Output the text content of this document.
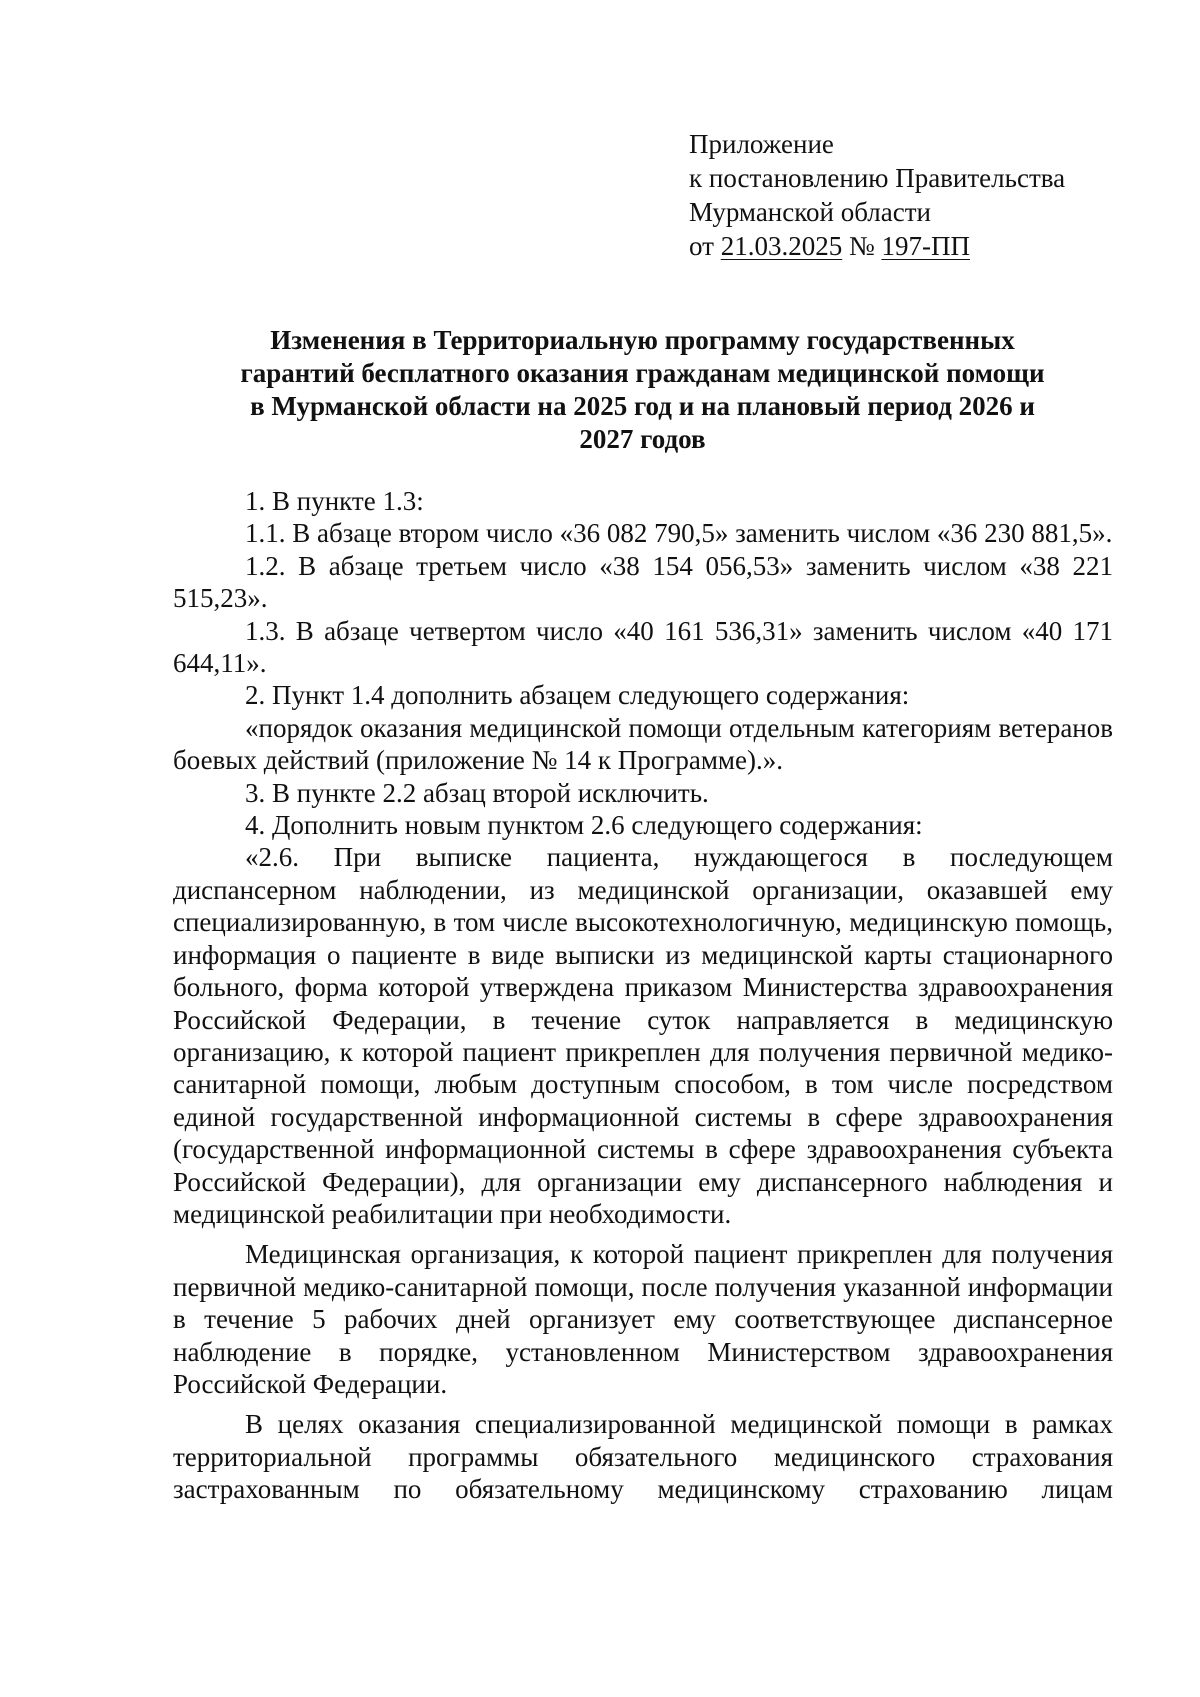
Приложение
к постановлению Правительства
Мурманской области
от 21.03.2025 № 197-ПП
Изменения в Территориальную программу государственных
гарантий бесплатного оказания гражданам медицинской помощи
в Мурманской области на 2025 год и на плановый период 2026 и
2027 годов

1. В пункте 1.3:

1.1. В абзаце втором число «36 082 790,5» заменить числом «36 230 881,5».

1.2. В абзаце третьем число «38 154 056,53» заменить числом «38 221 515,23».

1.3. В абзаце четвертом число «40 161 536,31» заменить числом «40 171 644,11».

2. Пункт 1.4 дополнить абзацем следующего содержания:

«порядок оказания медицинской помощи отдельным категориям ветеранов боевых действий (приложение № 14 к Программе).».

3. В пункте 2.2 абзац второй исключить.

4. Дополнить новым пунктом 2.6 следующего содержания:

«2.6. При выписке пациента, нуждающегося в последующем диспансерном наблюдении, из медицинской организации, оказавшей ему специализированную, в том числе высокотехнологичную, медицинскую помощь, информация о пациенте в виде выписки из медицинской карты стационарного больного, форма которой утверждена приказом Министерства здравоохранения Российской Федерации, в течение суток направляется в медицинскую организацию, к которой пациент прикреплен для получения первичной медико-санитарной помощи, любым доступным способом, в том числе посредством единой государственной информационной системы в сфере здравоохранения (государственной информационной системы в сфере здравоохранения субъекта Российской Федерации), для организации ему диспансерного наблюдения и медицинской реабилитации при необходимости.

Медицинская организация, к которой пациент прикреплен для получения первичной медико-санитарной помощи, после получения указанной информации в течение 5 рабочих дней организует ему соответствующее диспансерное наблюдение в порядке, установленном Министерством здравоохранения Российской Федерации.

В целях оказания специализированной медицинской помощи в рамках территориальной программы обязательного медицинского страхования застрахованным по обязательному медицинскому страхованию лицам
